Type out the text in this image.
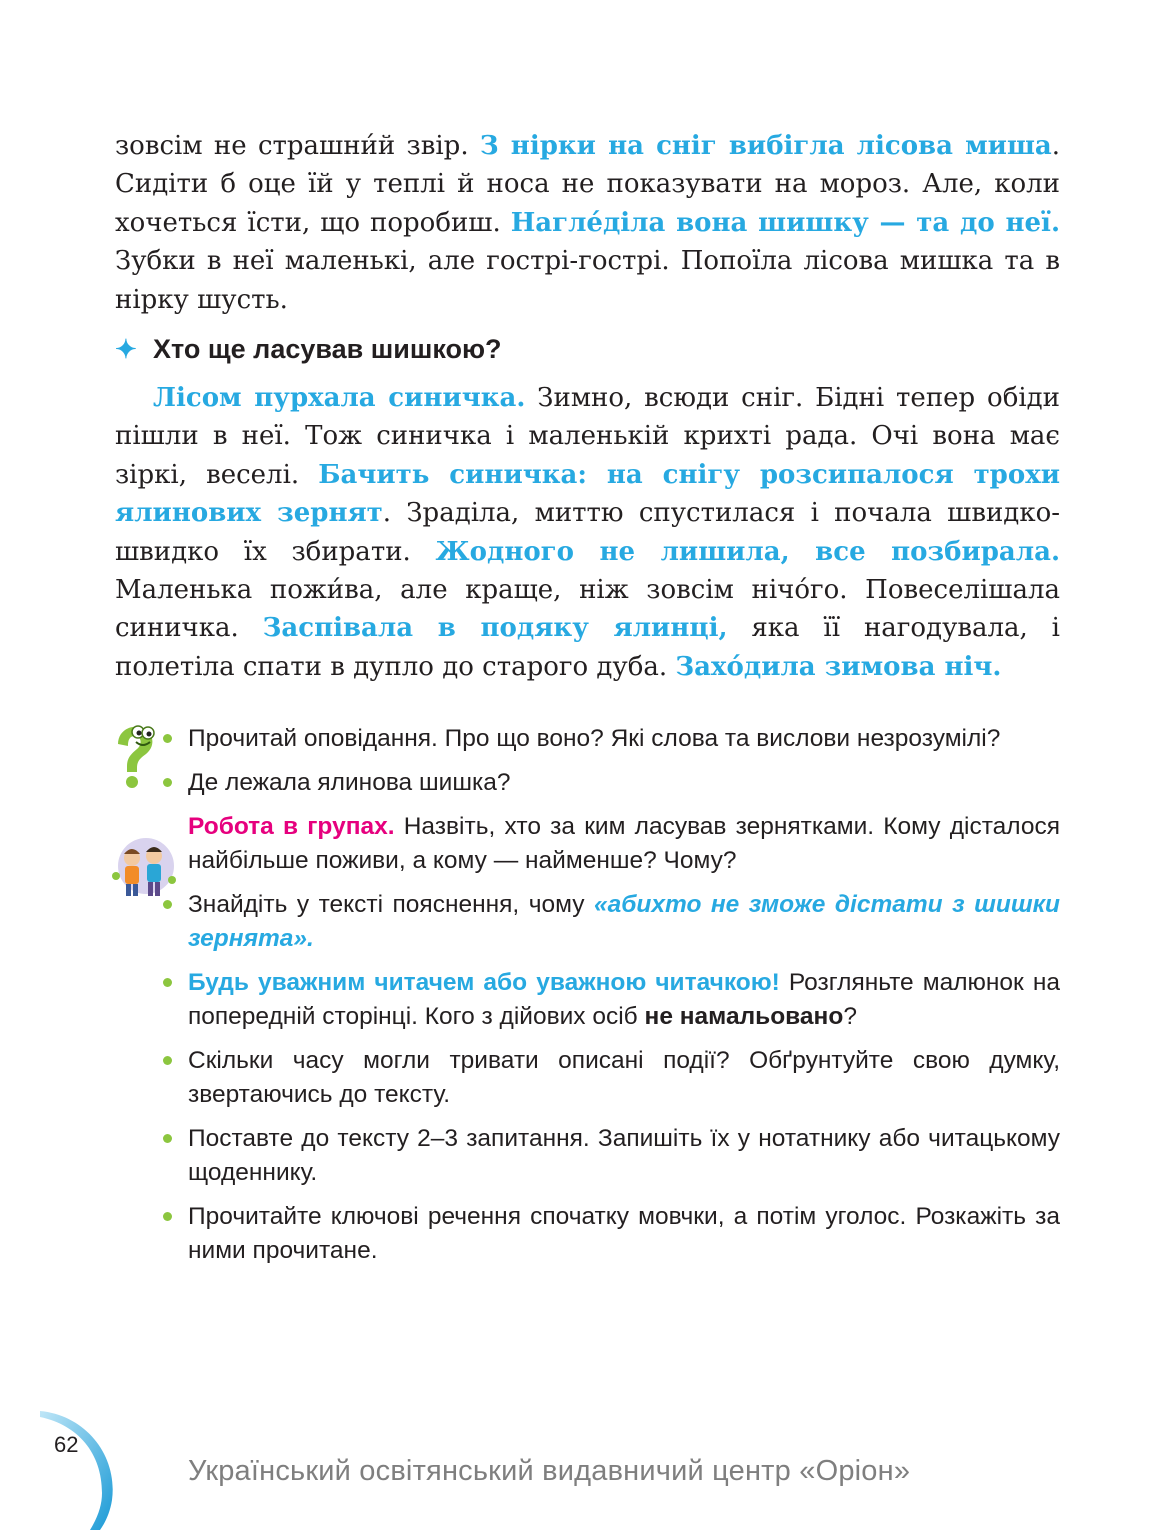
зовсім не страшни́й звір. З нірки на сніг вибігла лісова миша. Сидіти б оце їй у теплі й носа не показувати на мороз. Але, коли хочеться їсти, що поробиш. Нагле́діла вона шишку — та до неї. Зубки в неї маленькі, але гострі-гострі. Попоїла лісова мишка та в нірку шусть.

✦ Хто ще ласував шишкою?

Лісом пурхала синичка. Зимно, всюди сніг. Бідні тепер обіди пішли в неї. Тож синичка і маленькій крихті рада. Очі вона має зіркі, веселі. Бачить синичка: на снігу розсипалося трохи ялинових зернят. Зраділа, миттю спустилася і почала швидко-швидко їх збирати. Жодного не лишила, все позбирала. Маленька пожи́ва, але краще, ніж зовсім нічо́го. Повеселішала синичка. Заспівала в подяку ялинці, яка її нагодувала, і полетіла спати в дупло до старого дуба. Захо́дила зимова ніч.

Прочитай оповідання. Про що воно? Які слова та вислови незрозумілі?
Де лежала ялинова шишка?
Робота в групах. Назвіть, хто за ким ласував зернятками. Кому дісталося найбільше поживи, а кому — найменше? Чому?
Знайдіть у тексті пояснення, чому «абихто не зможе дістати з шишки зернята».
Будь уважним читачем або уважною читачкою! Розгляньте малюнок на попередній сторінці. Кого з дійових осіб не намальовано?
Скільки часу могли тривати описані події? Обґрунтуйте свою думку, звертаючись до тексту.
Поставте до тексту 2–3 запитання. Запишіть їх у нотатнику або читацькому щоденнику.
Прочитайте ключові речення спочатку мовчки, а потім уголос. Розкажіть за ними прочитане.
62
Український освітянський видавничий центр «Оріон»
